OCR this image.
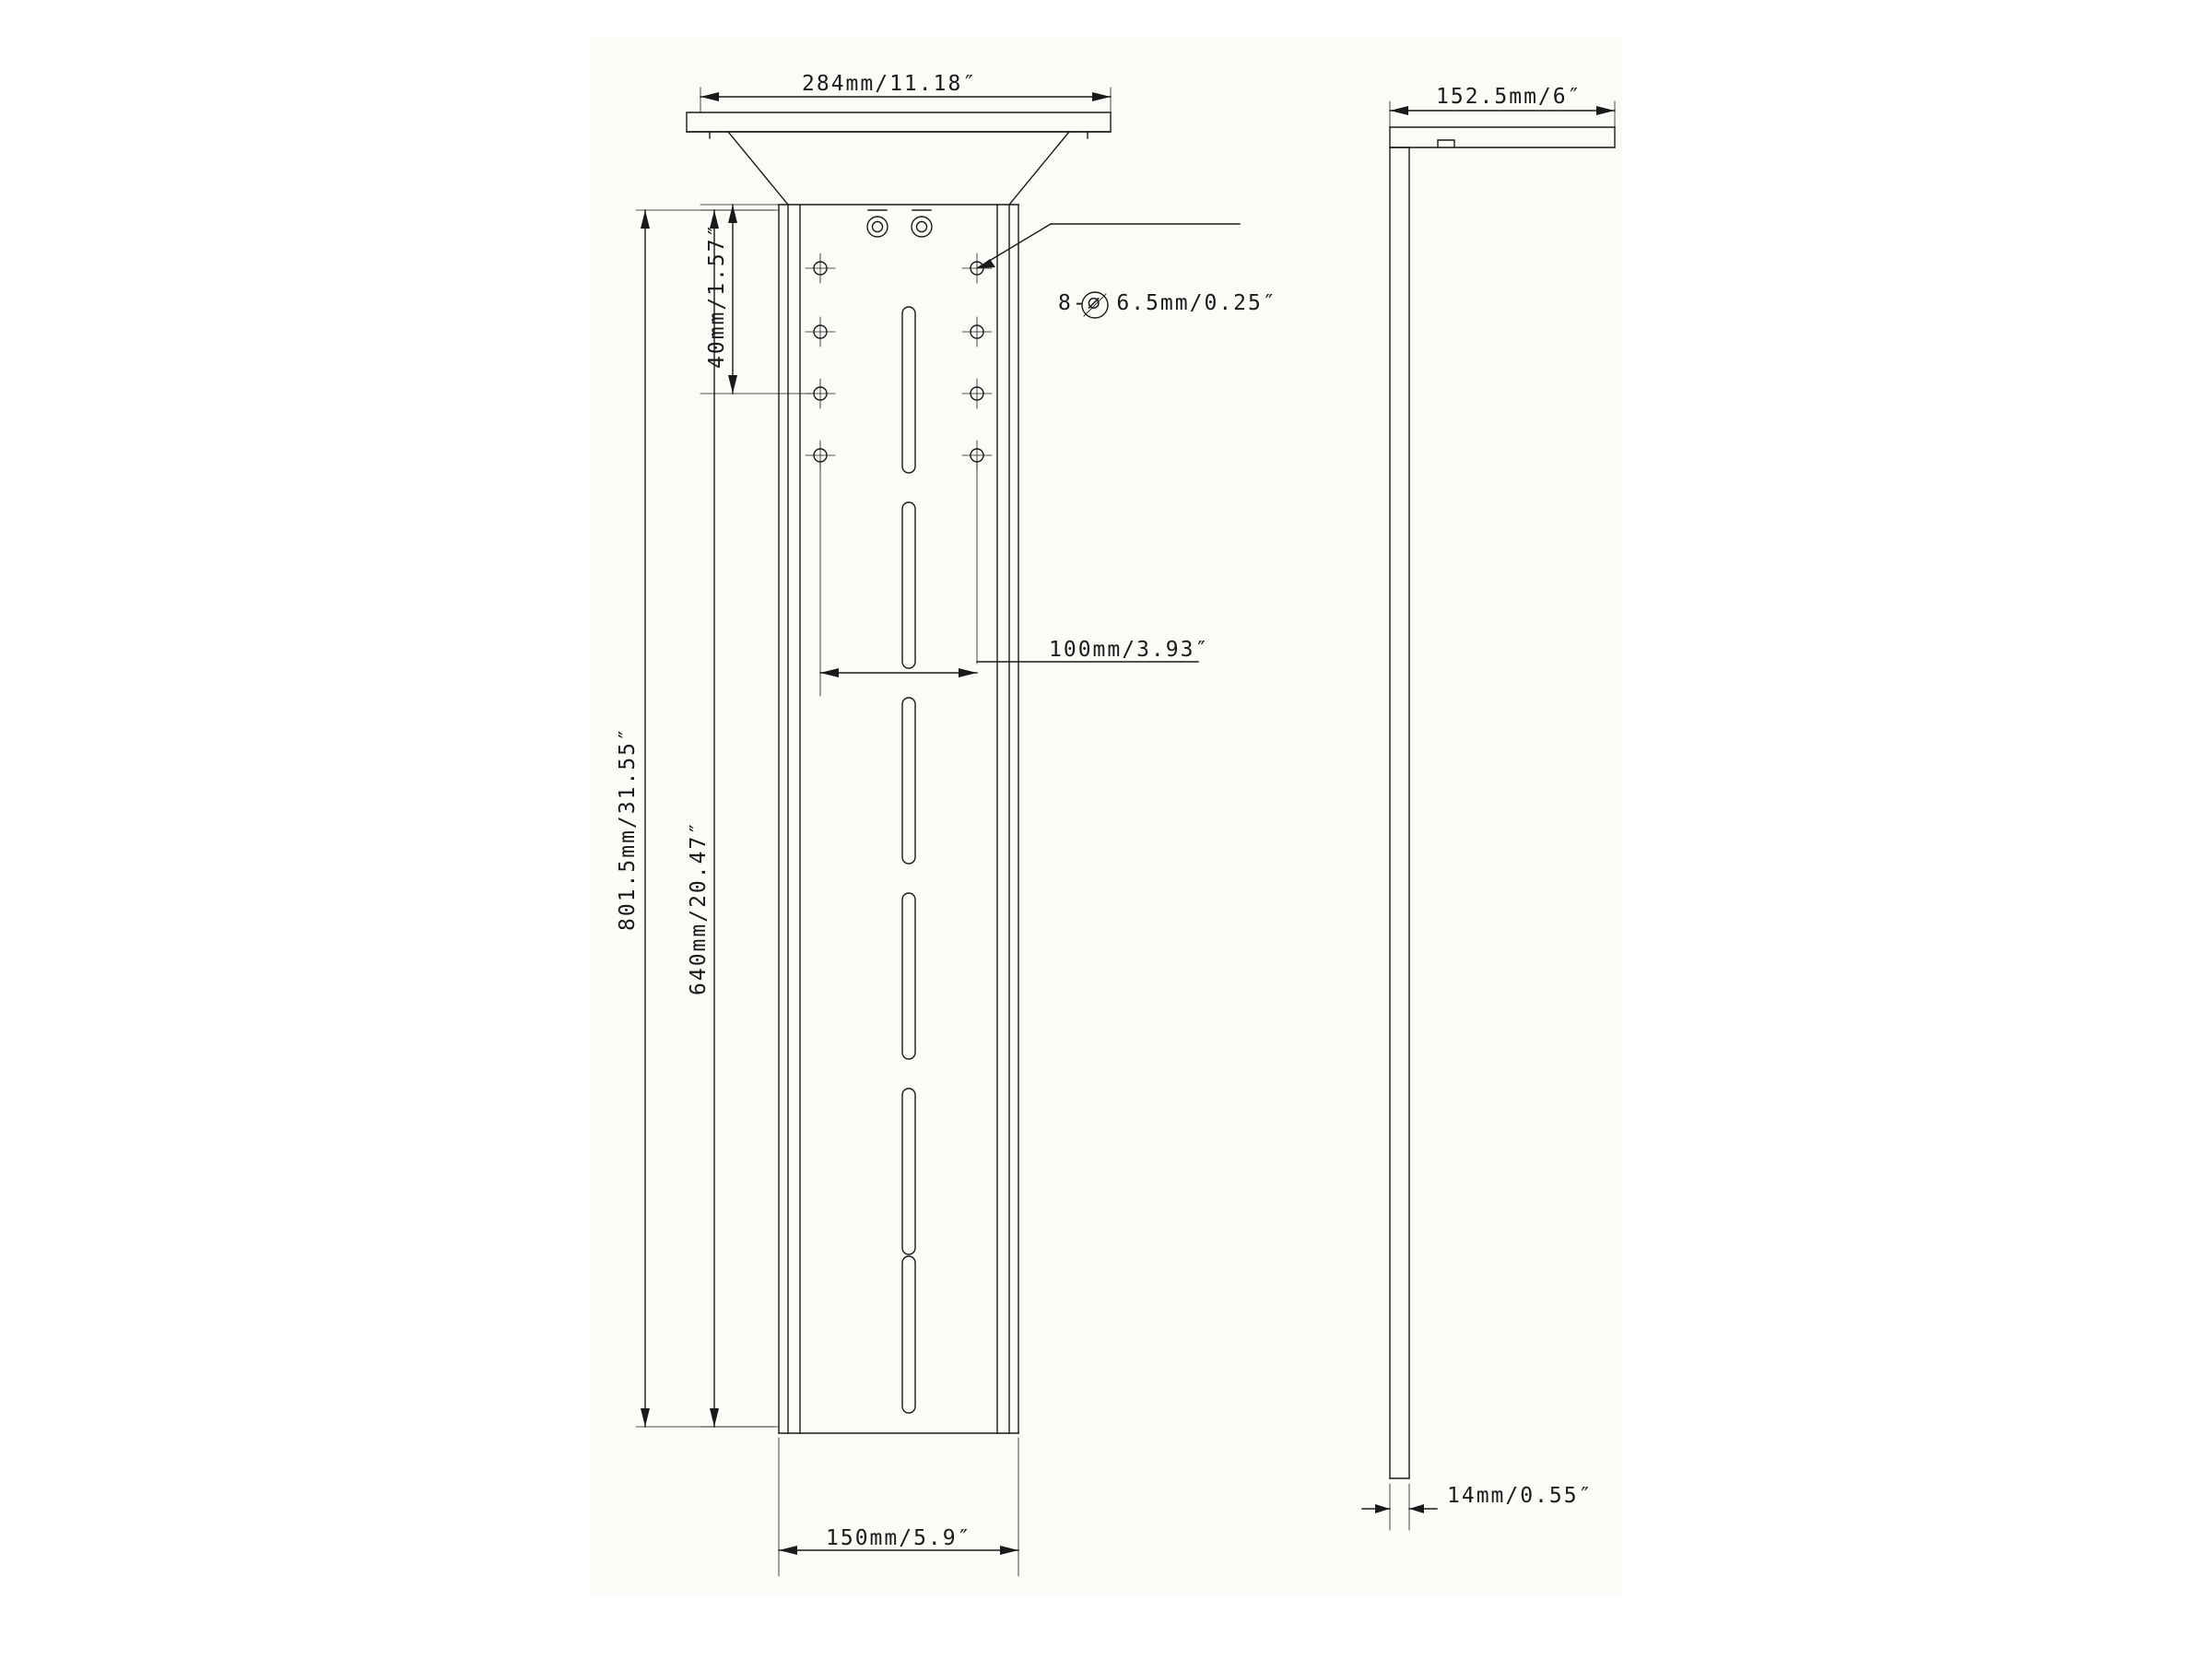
284mm/11.18″
152.5mm/6″
8-⌀ 6.5mm/0.25″
100mm/3.93″
150mm/5.9″
14mm/0.55″
801.5mm/31.55″ 640mm/20.47″
40mm/1.57″
